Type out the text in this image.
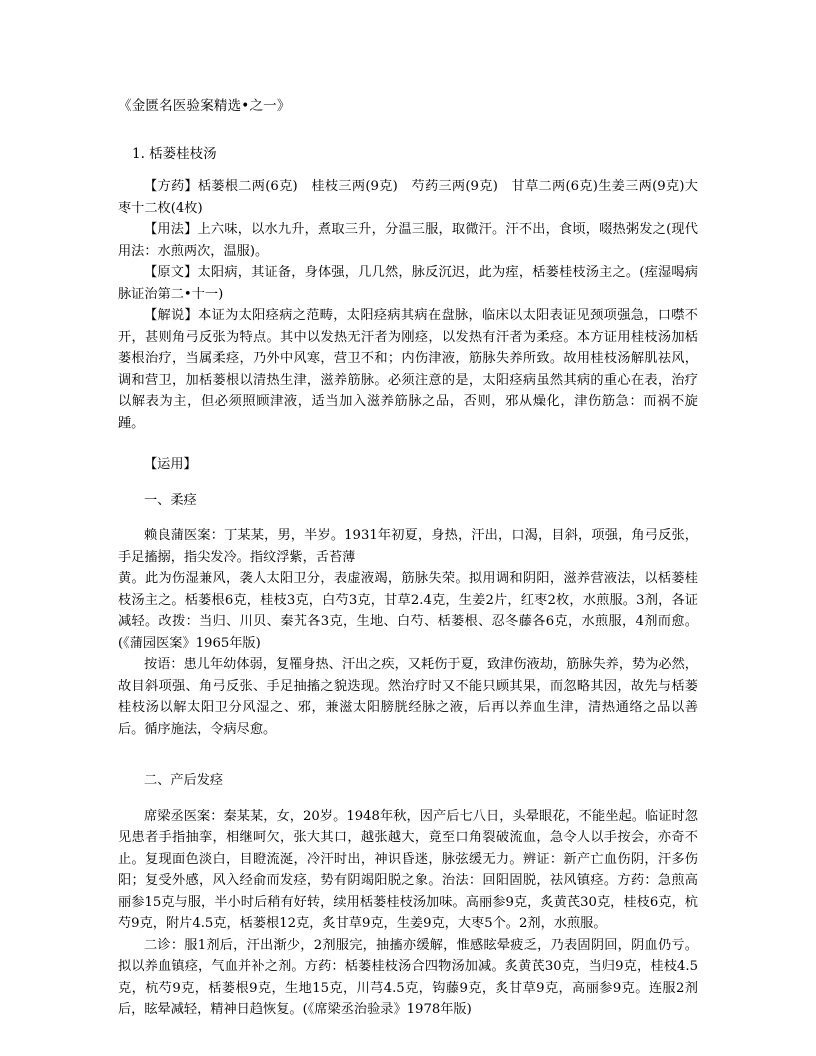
《金匮名医验案精选•之一》
1. 栝蒌桂枝汤

【方药】栝蒌根二两(6克)　桂枝三两(9克)　芍药三两(9克)　甘草二两(6克)生姜三两(9克)大枣十二枚(4枚)

【用法】上六味，以水九升，煮取三升，分温三服，取微汗。汗不出，食顷，啜热粥发之(现代用法：水煎两次，温服)。

【原文】太阳病，其证备，身体强，几几然，脉反沉迟，此为痓，栝蒌桂枝汤主之。(痓湿喝病脉证治第二•十一)

【解说】本证为太阳痉病之范畴，太阳痉病其病在盘脉，临床以太阳表证见颈项强急，口噤不开，甚则角弓反张为特点。其中以发热无汗者为刚痉，以发热有汗者为柔痉。本方证用桂枝汤加栝蒌根治疗，当属柔痉，乃外中风寒，营卫不和；内伤津液，筋脉失养所致。故用桂枝汤解肌祛风，调和营卫，加栝蒌根以清热生津，滋养筋脉。必须注意的是，太阳痉病虽然其病的重心在表，治疗以解表为主，但必须照顾津液，适当加入滋养筋脉之品，否则，邪从燥化，津伤筋急：而祸不旋踵。

【运用】

一、柔痉

赖良蒲医案：丁某某，男，半岁。1931年初夏，身热，汗出，口渴，目斜，项强，角弓反张，手足搐搦，指尖发冷。指纹浮紫，舌苔薄

黄。此为伤湿兼风，袭人太阳卫分，表虚液竭，筋脉失荣。拟用调和阴阳，滋养营液法，以栝蒌桂枝汤主之。栝蒌根6克，桂枝3克，白芍3克，甘草2.4克，生姜2片，红枣2枚，水煎服。3剂，各证减轻。改拨：当归、川贝、秦艽各3克，生地、白芍、栝蒌根、忍冬藤各6克，水煎服，4剂而愈。(《蒲园医案》1965年版)

按语：患儿年幼体弱，复罹身热、汗出之疾，又耗伤于夏，致津伤液劫，筋脉失养，势为必然，故目斜项强、角弓反张、手足抽搐之貌迭现。然治疗时又不能只顾其果，而忽略其因，故先与栝蒌桂枝汤以解太阳卫分风湿之、邪，兼滋太阳膀胱经脉之液，后再以养血生津，清热通络之品以善后。循序施法，令病尽愈。

二、产后发痉

席梁丞医案：秦某某，女，20岁。1948年秋，因产后七八日，头晕眼花，不能坐起。临证时忽见患者手指抽挛，相继呵欠，张大其口，越张越大，竟至口角裂破流血，急令人以手按会，亦奇不止。复现面色淡白，目瞪流涎，冷汗时出，神识昏迷，脉弦缓无力。辨证：新产亡血伤阴，汗多伤阳；复受外感，风入经俞而发痉，势有阴竭阳脱之象。治法：回阳固脱，祛风镇痉。方药：急煎高丽参15克与服，半小时后稍有好转，续用栝蒌桂枝汤加味。高丽参9克，炙黄芪30克，桂枝6克，杭芍9克，附片4.5克，栝蒌根12克，炙甘草9克，生姜9克，大枣5个。2剂，水煎服。

二诊：服1剂后，汗出渐少，2剂服完，抽搐亦缓解，惟感眩晕疲乏，乃表固阴回，阴血仍亏。拟以养血镇痉，气血并补之剂。方药：栝蒌桂枝汤合四物汤加减。炙黄芪30克，当归9克，桂枝4.5克，杭芍9克，栝蒌根9克，生地15克，川芎4.5克，钩藤9克，炙甘草9克，高丽参9克。连服2剂后，眩晕减轻，精神日趋恢复。(《席梁丞治验录》1978年版)
